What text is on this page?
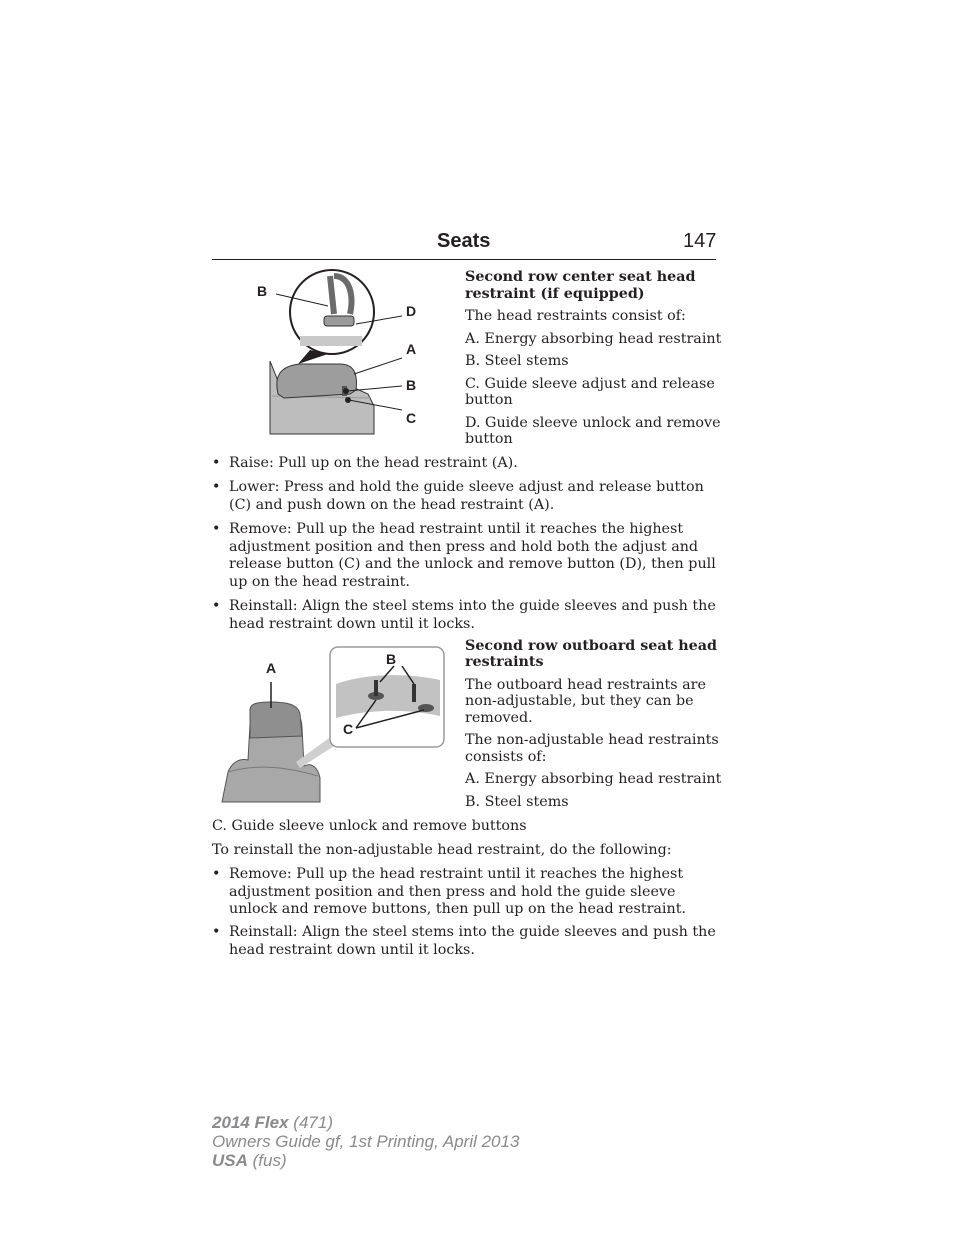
Seats	147
B
D
A
B
C
Second row center seat head
restraint (if equipped)
The head restraints consist of:
A. Energy absorbing head restraint
B. Steel stems
C. Guide sleeve adjust and release
button
D. Guide sleeve unlock and remove
button
• Raise: Pull up on the head restraint (A).
• Lower: Press and hold the guide sleeve adjust and release button (C) and push down on the head restraint (A).
• Remove: Pull up the head restraint until it reaches the highest adjustment position and then press and hold both the adjust and release button (C) and the unlock and remove button (D), then pull up on the head restraint.
• Reinstall: Align the steel stems into the guide sleeves and push the head restraint down until it locks.
A
B
C
Second row outboard seat head
restraints
The outboard head restraints are
non-adjustable, but they can be
removed.
The non-adjustable head restraints
consists of:
A. Energy absorbing head restraint
B. Steel stems
C. Guide sleeve unlock and remove buttons
To reinstall the non-adjustable head restraint, do the following:
• Remove: Pull up the head restraint until it reaches the highest adjustment position and then press and hold the guide sleeve unlock and remove buttons, then pull up on the head restraint.
• Reinstall: Align the steel stems into the guide sleeves and push the head restraint down until it locks.
2014 Flex (471)
Owners Guide gf, 1st Printing, April 2013
USA (fus)
